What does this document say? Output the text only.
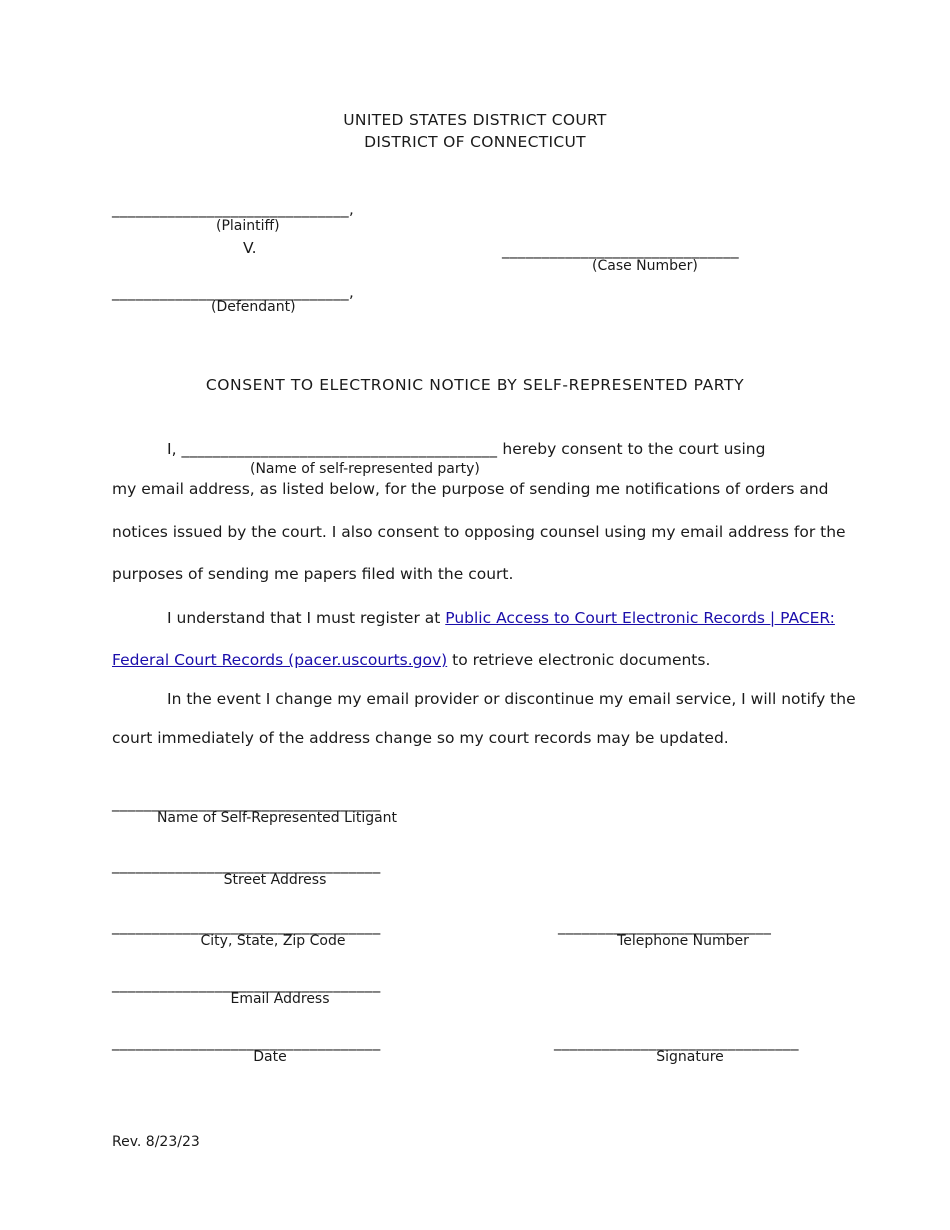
UNITED STATES DISTRICT COURT
DISTRICT OF CONNECTICUT
______________________________,
(Plaintiff)
V.	______________________________
(Case Number)
______________________________,
(Defendant)
CONSENT TO ELECTRONIC NOTICE BY SELF-REPRESENTED PARTY
I, ________________________________________ hereby consent to the court using
(Name of self-represented party)
my email address, as listed below, for the purpose of sending me notifications of orders and
notices issued by the court. I also consent to opposing counsel using my email address for the
purposes of sending me papers filed with the court.
I understand that I must register at Public Access to Court Electronic Records | PACER:
Federal Court Records (pacer.uscourts.gov) to retrieve electronic documents.
In the event I change my email provider or discontinue my email service, I will notify the
court immediately of the address change so my court records may be updated.
__________________________________
Name of Self-Represented Litigant
__________________________________
Street Address
__________________________________
City, State, Zip Code
___________________________
Telephone Number
__________________________________
Email Address
__________________________________
Date
_______________________________
Signature
Rev. 8/23/23
